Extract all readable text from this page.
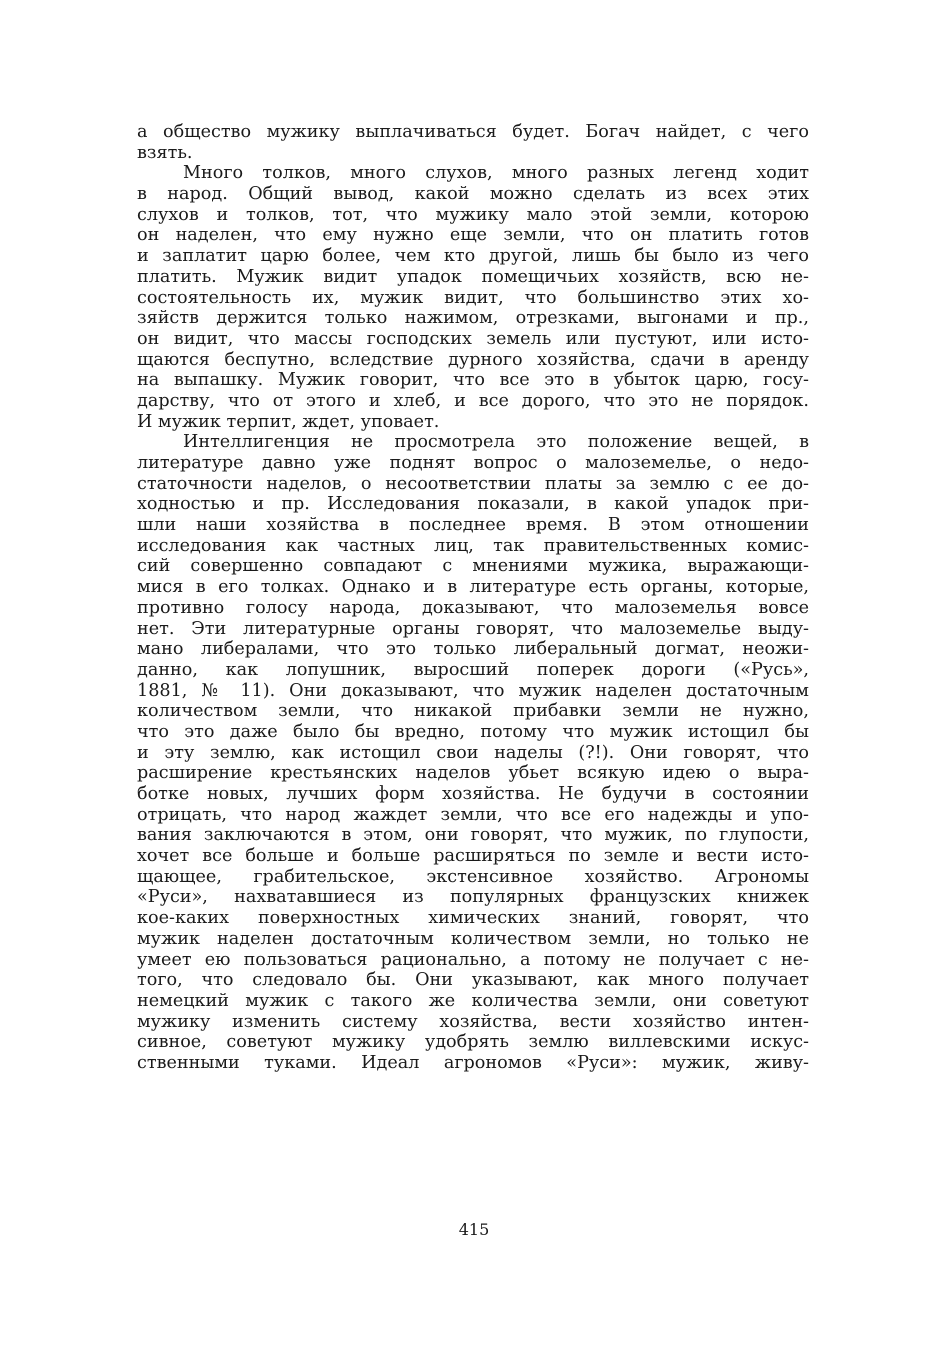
а общество мужику выплачиваться будет. Богач найдет, с чего
взять.
Много толков, много слухов, много разных легенд ходит
в народ. Общий вывод, какой можно сделать из всех этих
слухов и толков, тот, что мужику мало этой земли, которою
он наделен, что ему нужно еще земли, что он платить готов
и заплатит царю более, чем кто другой, лишь бы было из чего
платить. Мужик видит упадок помещичьих хозяйств, всю не-
состоятельность их, мужик видит, что большинство этих хо-
зяйств держится только нажимом, отрезками, выгонами и пр.,
он видит, что массы господских земель или пустуют, или исто-
щаются беспутно, вследствие дурного хозяйства, сдачи в аренду
на выпашку. Мужик говорит, что все это в убыток царю, госу-
дарству, что от этого и хлеб, и все дорого, что это не порядок.
И мужик терпит, ждет, уповает.
Интеллигенция не просмотрела это положение вещей, в
литературе давно уже поднят вопрос о малоземелье, о недо-
статочности наделов, о несоответствии платы за землю с ее до-
ходностью и пр. Исследования показали, в какой упадок при-
шли наши хозяйства в последнее время. В этом отношении
исследования как частных лиц, так правительственных комис-
сий совершенно совпадают с мнениями мужика, выражающи-
мися в его толках. Однако и в литературе есть органы, которые,
противно голосу народа, доказывают, что малоземелья вовсе
нет. Эти литературные органы говорят, что малоземелье выду-
мано либералами, что это только либеральный догмат, неожи-
данно, как лопушник, выросший поперек дороги («Русь»,
1881, № 11). Они доказывают, что мужик наделен достаточным
количеством земли, что никакой прибавки земли не нужно,
что это даже было бы вредно, потому что мужик истощил бы
и эту землю, как истощил свои наделы (?!). Они говорят, что
расширение крестьянских наделов убьет всякую идею о выра-
ботке новых, лучших форм хозяйства. Не будучи в состоянии
отрицать, что народ жаждет земли, что все его надежды и упо-
вания заключаются в этом, они говорят, что мужик, по глупости,
хочет все больше и больше расширяться по земле и вести исто-
щающее, грабительское, экстенсивное хозяйство. Агрономы
«Руси», нахватавшиеся из популярных французских книжек
кое-каких поверхностных химических знаний, говорят, что
мужик наделен достаточным количеством земли, но только не
умеет ею пользоваться рационально, а потому не получает с не-
того, что следовало бы. Они указывают, как много получает
немецкий мужик с такого же количества земли, они советуют
мужику изменить систему хозяйства, вести хозяйство интен-
сивное, советуют мужику удобрять землю виллевскими искус-
ственными туками. Идеал агрономов «Руси»: мужик, живу-
415
